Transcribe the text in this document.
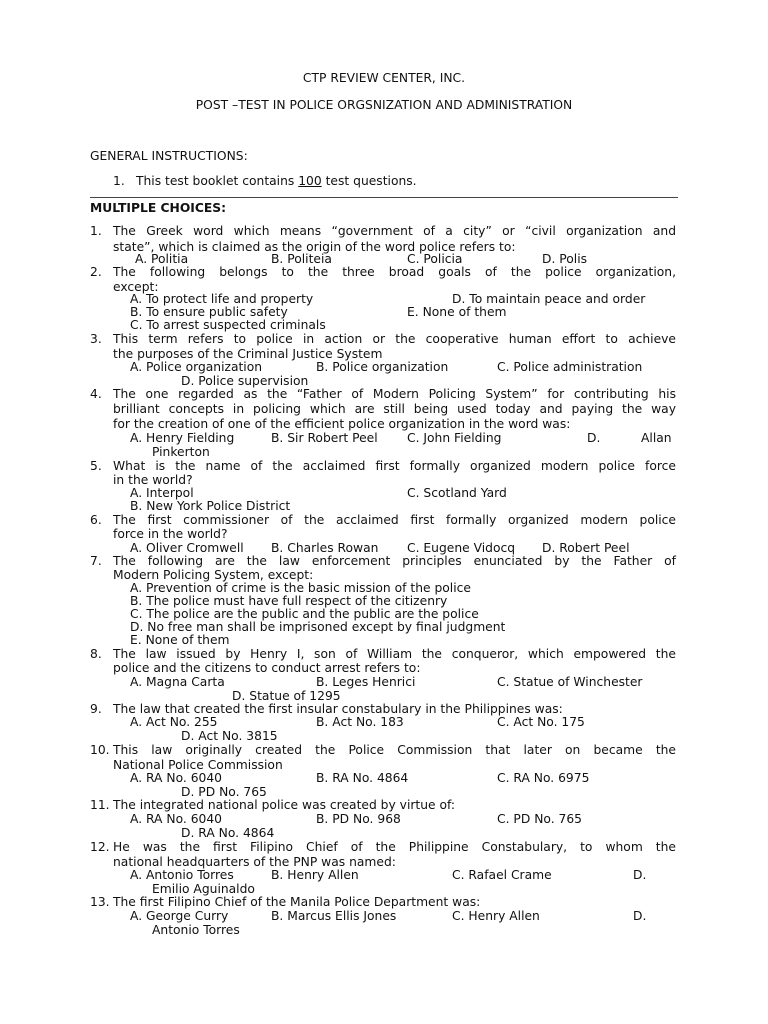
CTP REVIEW CENTER, INC.
POST –TEST IN POLICE ORGSNIZATION AND ADMINISTRATION
GENERAL INSTRUCTIONS:
1. This test booklet contains 100 test questions.
MULTIPLE CHOICES:
1. The Greek word which means “government of a city” or “civil organization and
state”, which is claimed as the origin of the word police refers to:
A. Politia	B. Politeia	C. Policia	D. Polis
2. The following belongs to the three broad goals of the police organization,
except:
A. To protect life and property	D. To maintain peace and order
B. To ensure public safety	E. None of them
C. To arrest suspected criminals
3. This term refers to police in action or the cooperative human effort to achieve
the purposes of the Criminal Justice System
A. Police organization	B. Police organization	C. Police administration
D. Police supervision
4. The one regarded as the “Father of Modern Policing System” for contributing his
brilliant concepts in policing which are still being used today and paying the way
for the creation of one of the efficient police organization in the word was:
A. Henry Fielding	B. Sir Robert Peel C. John Fielding	D.	Allan
Pinkerton
5. What is the name of the acclaimed first formally organized modern police force
in the world?
A. Interpol	C. Scotland Yard
B. New York Police District
6. The first commissioner of the acclaimed first formally organized modern police
force in the world?
A. Oliver Cromwell B. Charles Rowan C. Eugene Vidocq D. Robert Peel
7. The following are the law enforcement principles enunciated by the Father of
Modern Policing System, except:
A. Prevention of crime is the basic mission of the police
B. The police must have full respect of the citizenry
C. The police are the public and the public are the police
D. No free man shall be imprisoned except by final judgment
E. None of them
8. The law issued by Henry I, son of William the conqueror, which empowered the
police and the citizens to conduct arrest refers to:
A. Magna Carta	B. Leges Henrici	C. Statue of Winchester
D. Statue of 1295
9. The law that created the first insular constabulary in the Philippines was:
A. Act No. 255	B. Act No. 183	C. Act No. 175
D. Act No. 3815
10. This law originally created the Police Commission that later on became the
National Police Commission
A. RA No. 6040	B. RA No. 4864	C. RA No. 6975
D. PD No. 765
11. The integrated national police was created by virtue of:
A. RA No. 6040	B. PD No. 968	C. PD No. 765
D. RA No. 4864
12. He was the first Filipino Chief of the Philippine Constabulary, to whom the
national headquarters of the PNP was named:
A. Antonio Torres	B. Henry Allen	C. Rafael Crame	D.
Emilio Aguinaldo
13. The first Filipino Chief of the Manila Police Department was:
A. George Curry	B. Marcus Ellis Jones	C. Henry Allen	D.
Antonio Torres
